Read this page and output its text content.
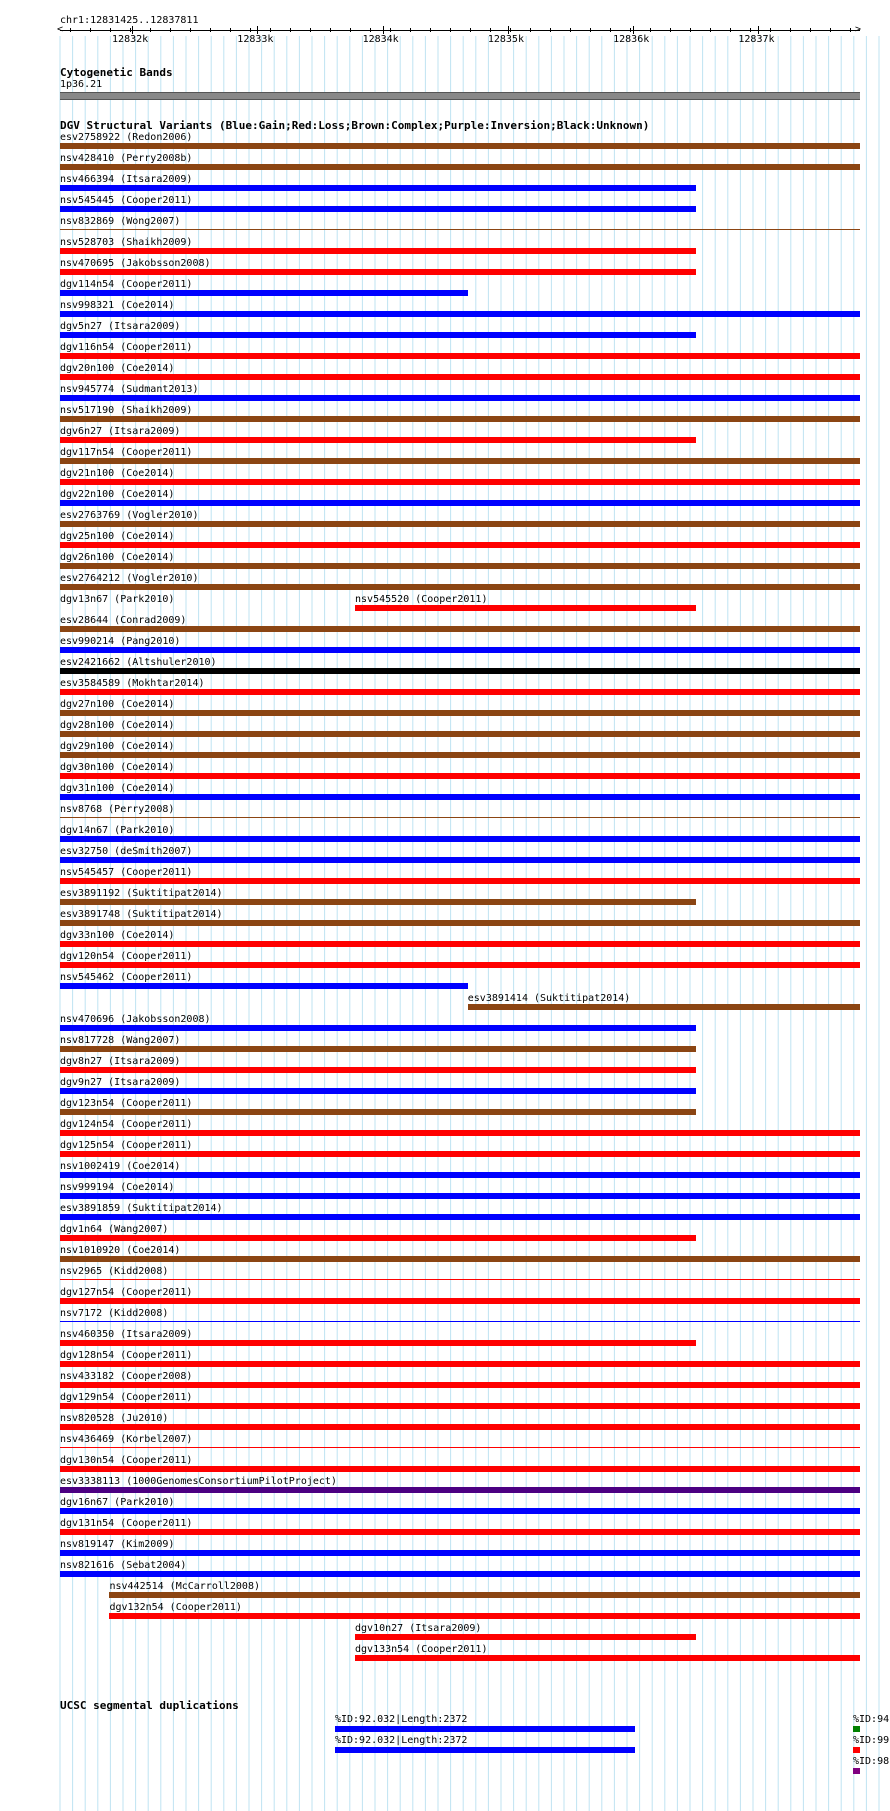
chr1:12831425..12837811
<	>
12832k	12833k	12834k	12835k	12836k	12837k
Cytogenetic Bands
1p36.21
DGV Structural Variants (Blue:Gain;Red:Loss;Brown:Complex;Purple:Inversion;Black:Unknown)
esv2758922 (Redon2006)
nsv428410 (Perry2008b)
nsv466394 (Itsara2009)
nsv545445 (Cooper2011)
nsv832869 (Wong2007)
nsv528703 (Shaikh2009)
nsv470695 (Jakobsson2008)
dgv114n54 (Cooper2011)
nsv998321 (Coe2014)
dgv5n27 (Itsara2009)
dgv116n54 (Cooper2011)
dgv20n100 (Coe2014)
nsv945774 (Sudmant2013)
nsv517190 (Shaikh2009)
dgv6n27 (Itsara2009)
dgv117n54 (Cooper2011)
dgv21n100 (Coe2014)
dgv22n100 (Coe2014)
esv2763769 (Vogler2010)
dgv25n100 (Coe2014)
dgv26n100 (Coe2014)
esv2764212 (Vogler2010)
dgv13n67 (Park2010)	nsv545520 (Cooper2011)
esv28644 (Conrad2009)
esv990214 (Pang2010)
esv2421662 (Altshuler2010)
esv3584589 (Mokhtar2014)
dgv27n100 (Coe2014)
dgv28n100 (Coe2014)
dgv29n100 (Coe2014)
dgv30n100 (Coe2014)
dgv31n100 (Coe2014)
nsv8768 (Perry2008)
dgv14n67 (Park2010)
esv32750 (deSmith2007)
nsv545457 (Cooper2011)
esv3891192 (Suktitipat2014)
esv3891748 (Suktitipat2014)
dgv33n100 (Coe2014)
dgv120n54 (Cooper2011)
nsv545462 (Cooper2011)
esv3891414 (Suktitipat2014)
nsv470696 (Jakobsson2008)
nsv817728 (Wang2007)
dgv8n27 (Itsara2009)
dgv9n27 (Itsara2009)
dgv123n54 (Cooper2011)
dgv124n54 (Cooper2011)
dgv125n54 (Cooper2011)
nsv1002419 (Coe2014)
nsv999194 (Coe2014)
esv3891859 (Suktitipat2014)
dgv1n64 (Wang2007)
nsv1010920 (Coe2014)
nsv2965 (Kidd2008)
dgv127n54 (Cooper2011)
nsv7172 (Kidd2008)
nsv460350 (Itsara2009)
dgv128n54 (Cooper2011)
nsv433182 (Cooper2008)
dgv129n54 (Cooper2011)
nsv820528 (Ju2010)
nsv436469 (Korbel2007)
dgv130n54 (Cooper2011)
esv3338113 (1000GenomesConsortiumPilotProject)
dgv16n67 (Park2010)
dgv131n54 (Cooper2011)
nsv819147 (Kim2009)
nsv821616 (Sebat2004)
nsv442514 (McCarroll2008)
dgv132n54 (Cooper2011)
dgv10n27 (Itsara2009)
dgv133n54 (Cooper2011)
UCSC segmental duplications
%ID:92.032|Length:2372
%ID:92.032|Length:2372
%ID:94
%ID:99
%ID:98
